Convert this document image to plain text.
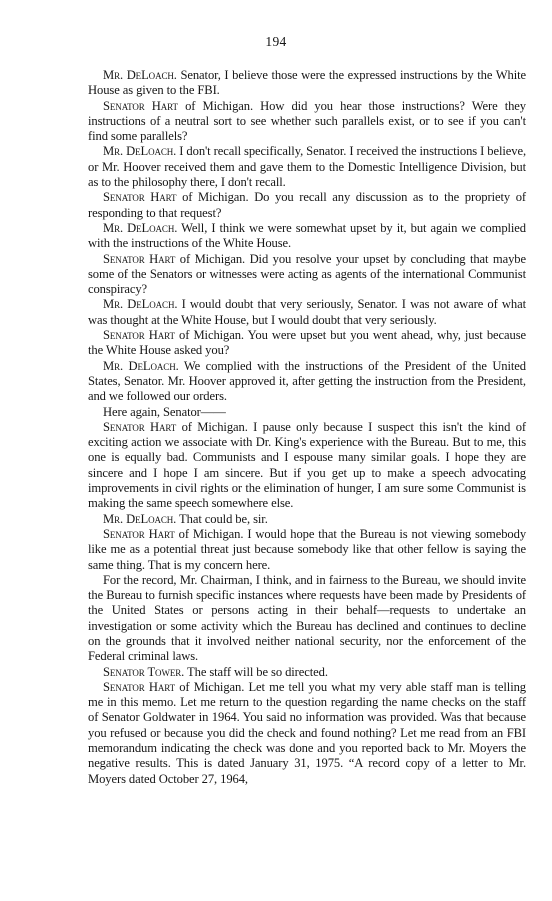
194

Mr. DeLoach. Senator, I believe those were the expressed instructions by the White House as given to the FBI.

Senator Hart of Michigan. How did you hear those instructions? Were they instructions of a neutral sort to see whether such parallels exist, or to see if you can't find some parallels?

Mr. DeLoach. I don't recall specifically, Senator. I received the instructions I believe, or Mr. Hoover received them and gave them to the Domestic Intelligence Division, but as to the philosophy there, I don't recall.

Senator Hart of Michigan. Do you recall any discussion as to the propriety of responding to that request?

Mr. DeLoach. Well, I think we were somewhat upset by it, but again we complied with the instructions of the White House.

Senator Hart of Michigan. Did you resolve your upset by concluding that maybe some of the Senators or witnesses were acting as agents of the international Communist conspiracy?

Mr. DeLoach. I would doubt that very seriously, Senator. I was not aware of what was thought at the White House, but I would doubt that very seriously.

Senator Hart of Michigan. You were upset but you went ahead, why, just because the White House asked you?

Mr. DeLoach. We complied with the instructions of the President of the United States, Senator. Mr. Hoover approved it, after getting the instruction from the President, and we followed our orders.

Here again, Senator——

Senator Hart of Michigan. I pause only because I suspect this isn't the kind of exciting action we associate with Dr. King's experience with the Bureau. But to me, this one is equally bad. Communists and I espouse many similar goals. I hope they are sincere and I hope I am sincere. But if you get up to make a speech advocating improvements in civil rights or the elimination of hunger, I am sure some Communist is making the same speech somewhere else.

Mr. DeLoach. That could be, sir.

Senator Hart of Michigan. I would hope that the Bureau is not viewing somebody like me as a potential threat just because somebody like that other fellow is saying the same thing. That is my concern here.

For the record, Mr. Chairman, I think, and in fairness to the Bureau, we should invite the Bureau to furnish specific instances where requests have been made by Presidents of the United States or persons acting in their behalf—requests to undertake an investigation or some activity which the Bureau has declined and continues to decline on the grounds that it involved neither national security, nor the enforcement of the Federal criminal laws.

Senator Tower. The staff will be so directed.

Senator Hart of Michigan. Let me tell you what my very able staff man is telling me in this memo. Let me return to the question regarding the name checks on the staff of Senator Goldwater in 1964. You said no information was provided. Was that because you refused or because you did the check and found nothing? Let me read from an FBI memorandum indicating the check was done and you reported back to Mr. Moyers the negative results. This is dated January 31, 1975. “A record copy of a letter to Mr. Moyers dated October 27, 1964,
